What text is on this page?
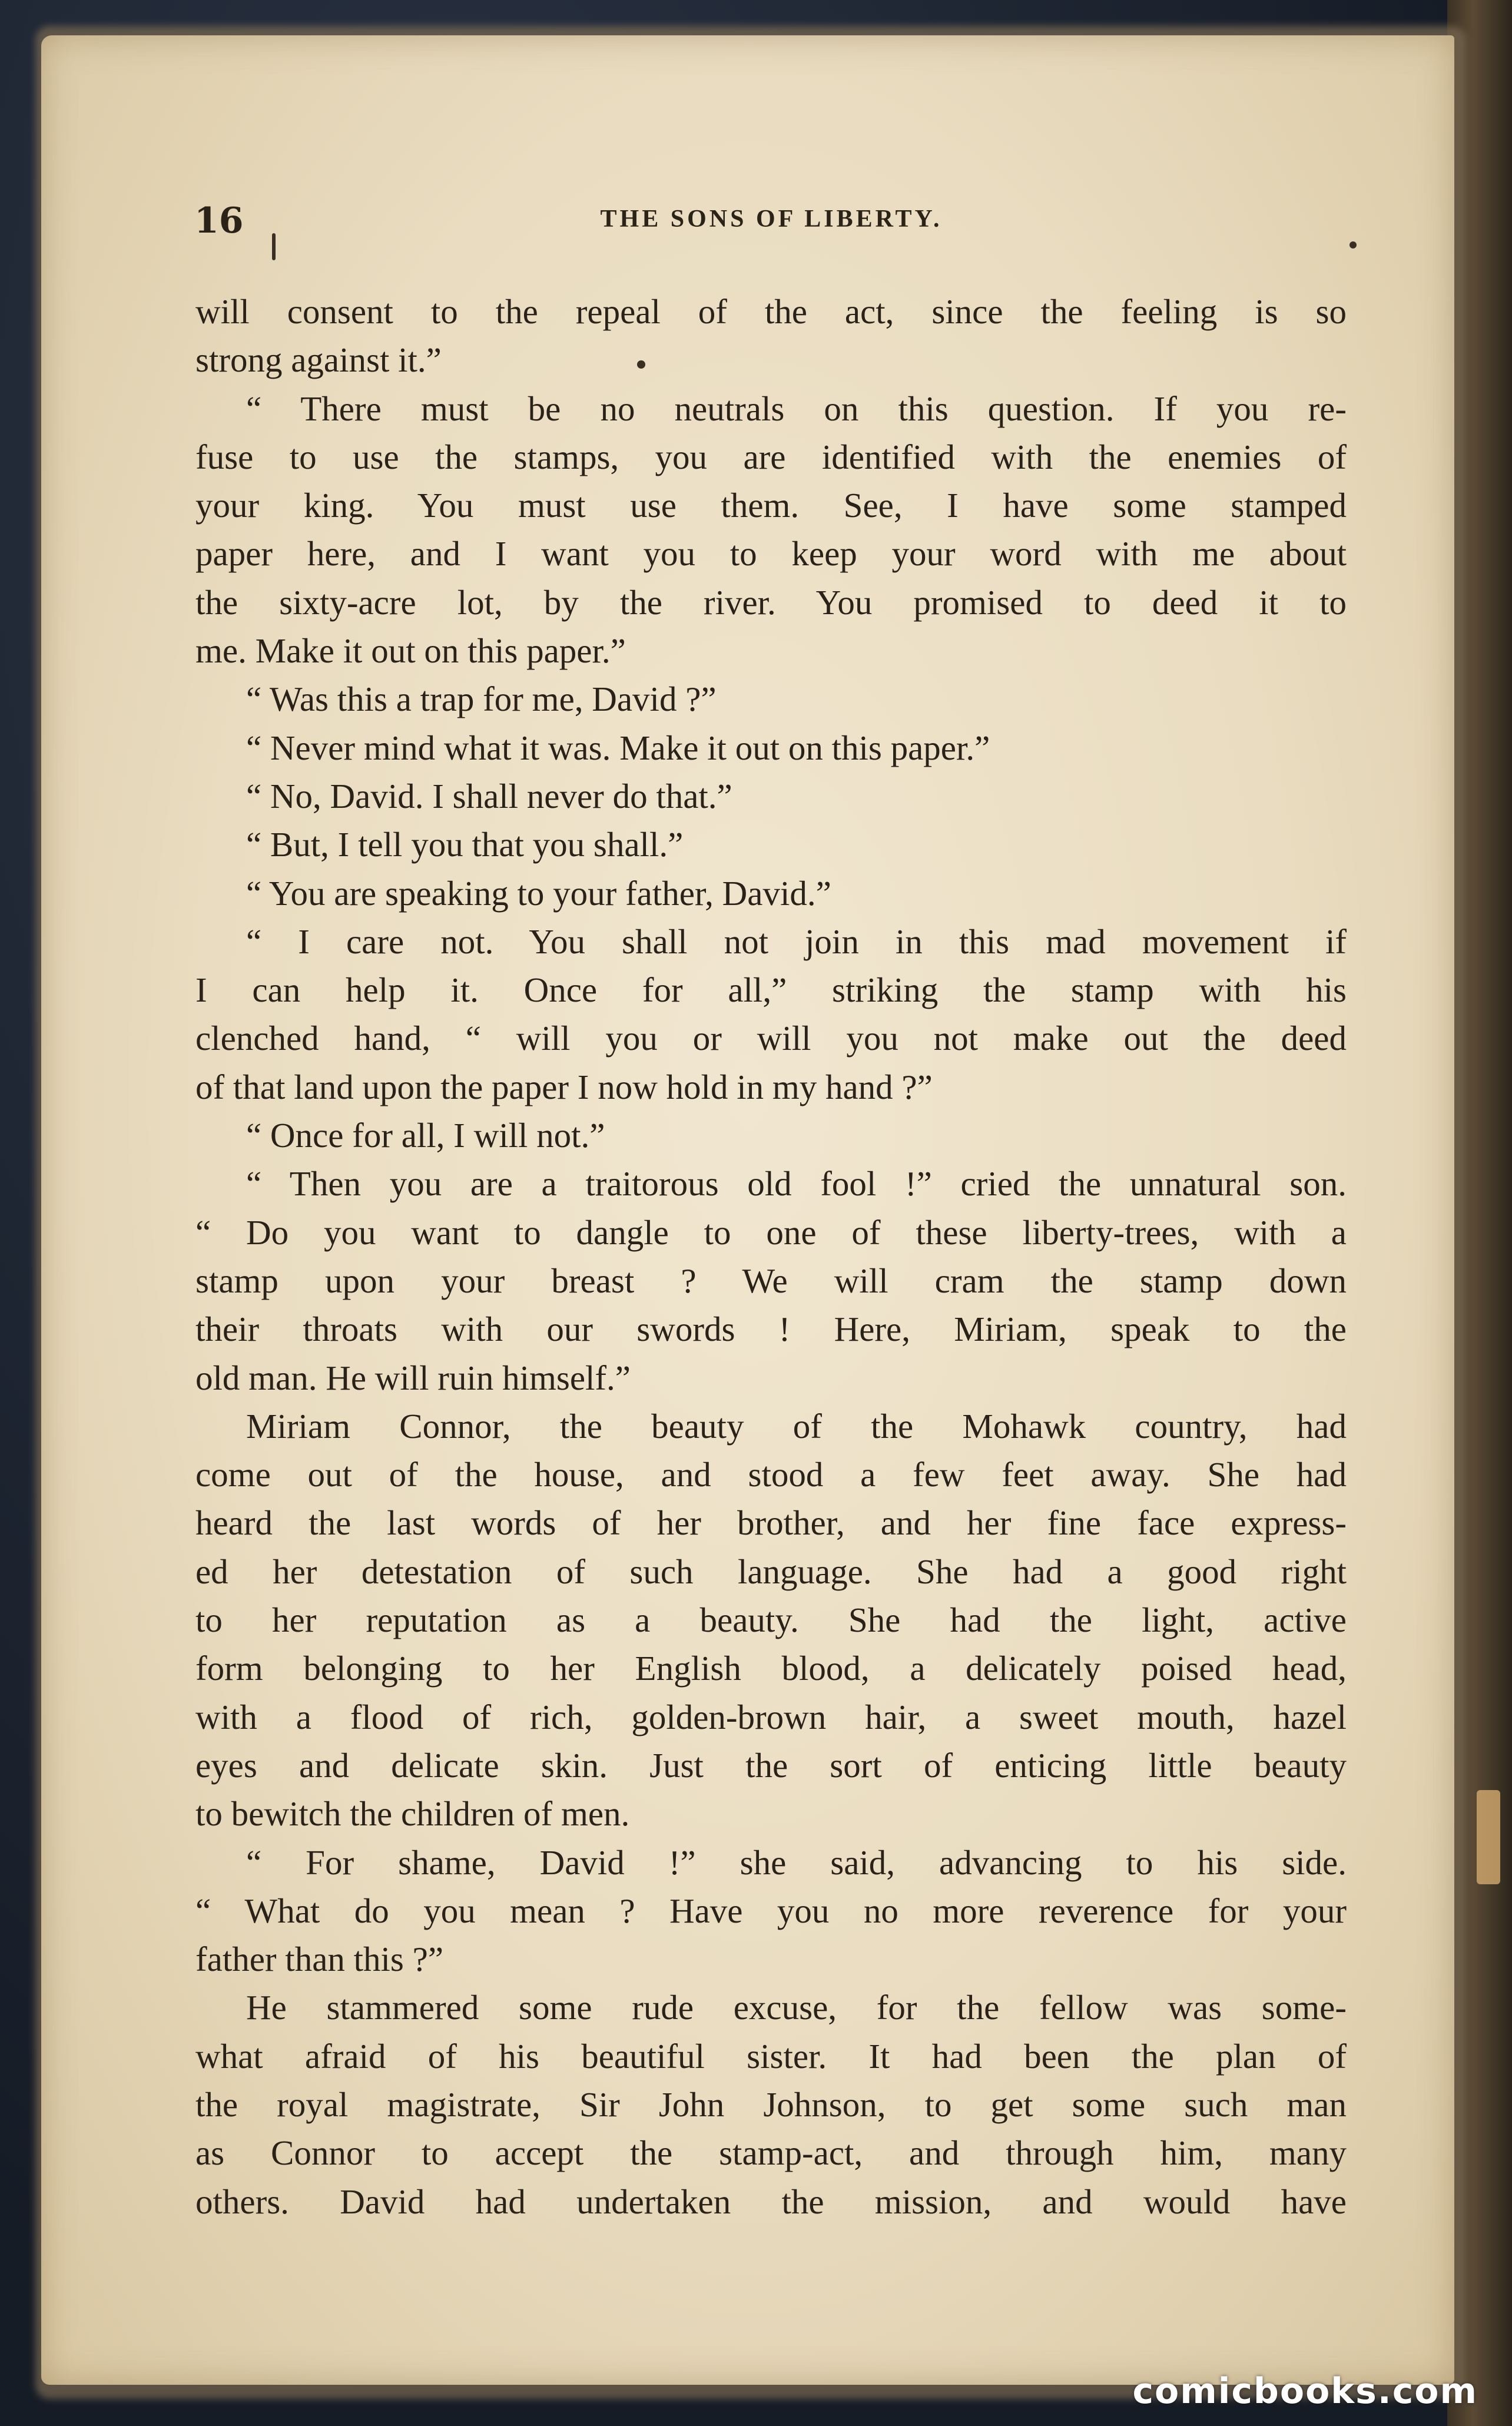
16	THE SONS OF LIBERTY.
will consent to the repeal of the act, since the feeling is so
strong against it.”
“ There must be no neutrals on this question. If you re-
fuse to use the stamps, you are identified with the enemies of
your king. You must use them. See, I have some stamped
paper here, and I want you to keep your word with me about
the sixty-acre lot, by the river. You promised to deed it to
me. Make it out on this paper.”
“ Was this a trap for me, David ?”
“ Never mind what it was. Make it out on this paper.”
“ No, David. I shall never do that.”
“ But, I tell you that you shall.”
“ You are speaking to your father, David.”
“ I care not. You shall not join in this mad movement if
I can help it. Once for all,” striking the stamp with his
clenched hand, “ will you or will you not make out the deed
of that land upon the paper I now hold in my hand ?”
“ Once for all, I will not.”
“ Then you are a traitorous old fool !” cried the unnatural son.
“ Do you want to dangle to one of these liberty-trees, with a
stamp upon your breast ? We will cram the stamp down
their throats with our swords ! Here, Miriam, speak to the
old man. He will ruin himself.”
Miriam Connor, the beauty of the Mohawk country, had
come out of the house, and stood a few feet away. She had
heard the last words of her brother, and her fine face express-
ed her detestation of such language. She had a good right
to her reputation as a beauty. She had the light, active
form belonging to her English blood, a delicately poised head,
with a flood of rich, golden-brown hair, a sweet mouth, hazel
eyes and delicate skin. Just the sort of enticing little beauty
to bewitch the children of men.
“ For shame, David !” she said, advancing to his side.
“ What do you mean ? Have you no more reverence for your
father than this ?”
He stammered some rude excuse, for the fellow was some-
what afraid of his beautiful sister. It had been the plan of
the royal magistrate, Sir John Johnson, to get some such man
as Connor to accept the stamp-act, and through him, many
others. David had undertaken the mission, and would have
comicbooks.com
